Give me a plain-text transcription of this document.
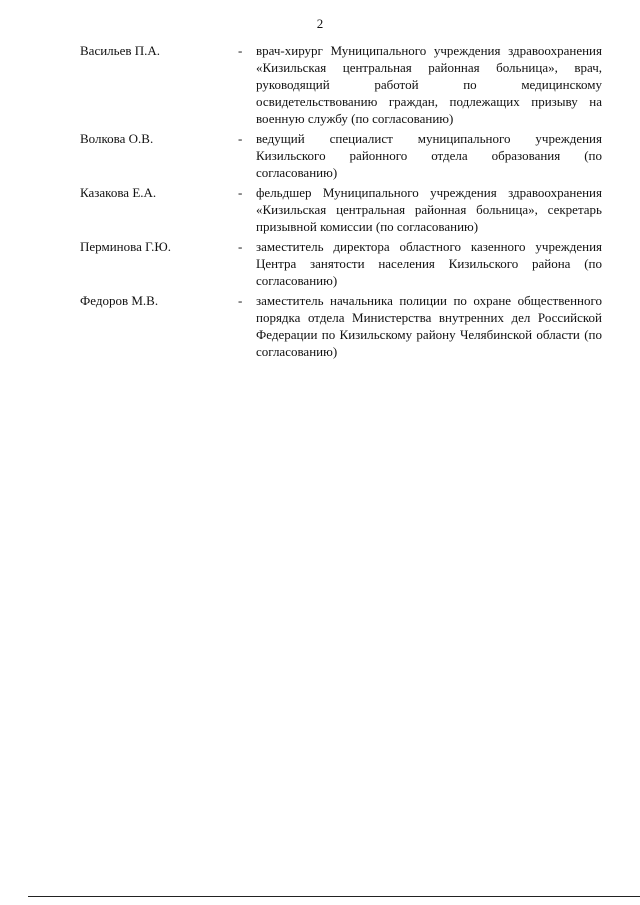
2
Васильев П.А.	- врач-хирург Муниципального учреждения здравоохранения «Кизильская центральная районная больница», врач, руководящий работой по медицинскому освидетельствованию граждан, подлежащих призыву на военную службу (по согласованию)
Волкова О.В.	- ведущий специалист муниципального учреждения Кизильского районного отдела образования (по согласованию)
Казакова Е.А.	- фельдшер Муниципального учреждения здравоохранения «Кизильская центральная районная больница», секретарь призывной комиссии (по согласованию)
Перминова Г.Ю.	- заместитель директора областного казенного учреждения Центра занятости населения Кизильского района (по согласованию)
Федоров М.В.	- заместитель начальника полиции по охране общественного порядка отдела Министерства внутренних дел Российской Федерации по Кизильскому району Челябинской области (по согласованию)
